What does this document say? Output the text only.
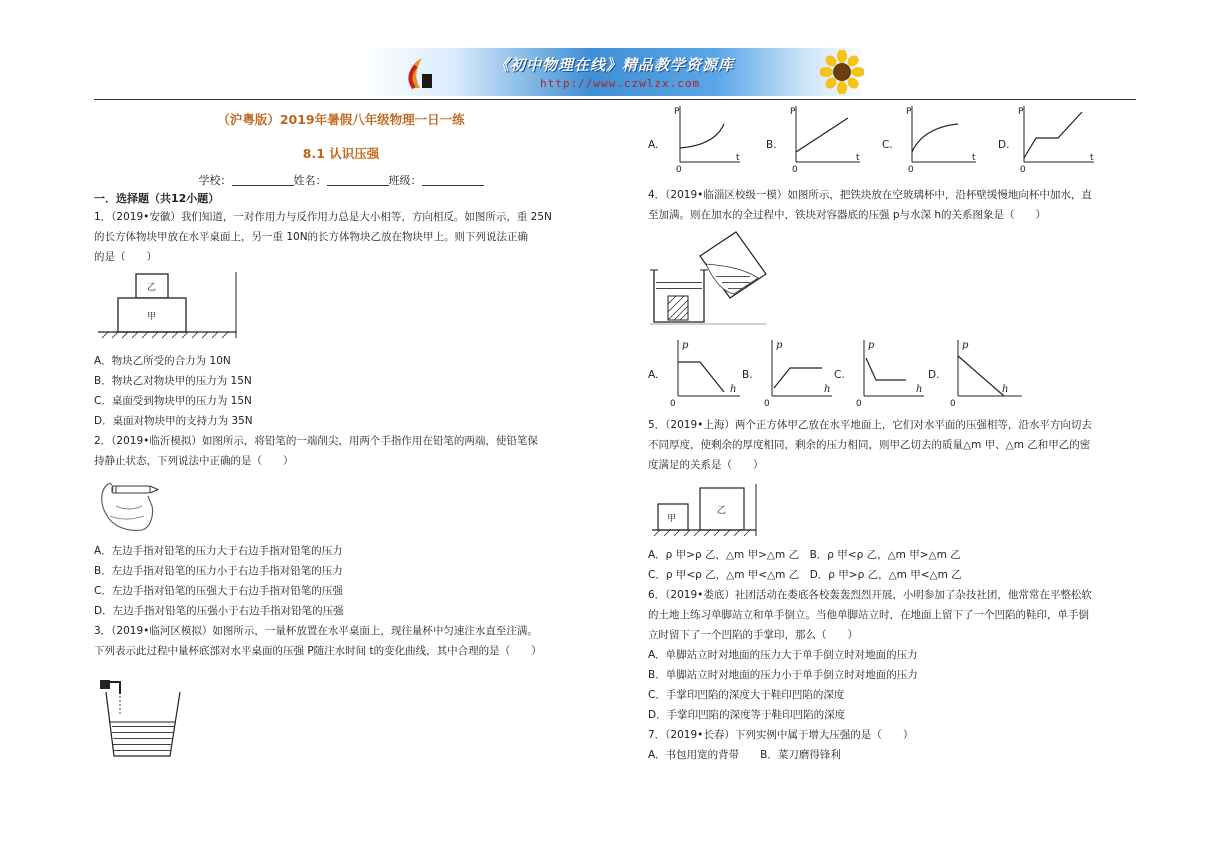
《初中物理在线》精品教学资源库
http://www.czwlzx.com
（沪粤版）2019年暑假八年级物理一日一练
8.1 认识压强
学校：	姓名：	班级：
一．选择题（共12小题）
1．（2019•安徽）我们知道，一对作用力与反作用力总是大小相等，方向相反。如图所示，重 25N
的长方体物块甲放在水平桌面上，另一重 10N的长方体物块乙放在物块甲上。则下列说法正确
的是（　　）
乙
甲
A．物块乙所受的合力为 10N
B．物块乙对物块甲的压力为 15N
C．桌面受到物块甲的压力为 15N
D．桌面对物块甲的支持力为 35N
2．（2019•临沂模拟）如图所示，将铅笔的一端削尖，用两个手指作用在铅笔的两端，使铅笔保
持静止状态，下列说法中正确的是（　　）
A．左边手指对铅笔的压力大于右边手指对铅笔的压力
B．左边手指对铅笔的压力小于右边手指对铅笔的压力
C．左边手指对铅笔的压强大于右边手指对铅笔的压强
D．左边手指对铅笔的压强小于右边手指对铅笔的压强
3．（2019•临河区模拟）如图所示，一量杯放置在水平桌面上，现往量杯中匀速注水直至注满。
下列表示此过程中量杯底部对水平桌面的压强 P随注水时间 t的变化曲线，其中合理的是（　　）
A.
P
t
0
B.
P
t
0
C.
P
t
0
D.
P
t
0
4．（2019•临淄区校级一模）如图所示，把铁块放在空玻璃杯中，沿杯壁缓慢地向杯中加水，直
至加满。则在加水的全过程中，铁块对容器底的压强 p与水深 h的关系图象是（　　）
A.
p
h
0
B.
p
h
0
C.
p
h
0
D.
p
h
0
5．（2019•上海）两个正方体甲乙放在水平地面上，它们对水平面的压强相等，沿水平方向切去
不同厚度，使剩余的厚度相同，剩余的压力相同，则甲乙切去的质量△m 甲、△m 乙和甲乙的密
度满足的关系是（　　）
甲
乙
A．ρ 甲>ρ 乙，△m 甲>△m 乙　B．ρ 甲<ρ 乙，△m 甲>△m 乙
C．ρ 甲<ρ 乙，△m 甲<△m 乙　D．ρ 甲>ρ 乙，△m 甲<△m 乙
6．（2019•娄底）社团活动在娄底各校轰轰烈烈开展，小明参加了杂技社团，他常常在平整松软
的土地上练习单脚站立和单手倒立。当他单脚站立时，在地面上留下了一个凹陷的鞋印，单手倒
立时留下了一个凹陷的手掌印，那么（　　）
A．单脚站立时对地面的压力大于单手倒立时对地面的压力
B．单脚站立时对地面的压力小于单手倒立时对地面的压力
C．手掌印凹陷的深度大于鞋印凹陷的深度
D．手掌印凹陷的深度等于鞋印凹陷的深度
7．（2019•长春）下列实例中属于增大压强的是（　　）
A．书包用宽的背带　　B．菜刀磨得锋利
